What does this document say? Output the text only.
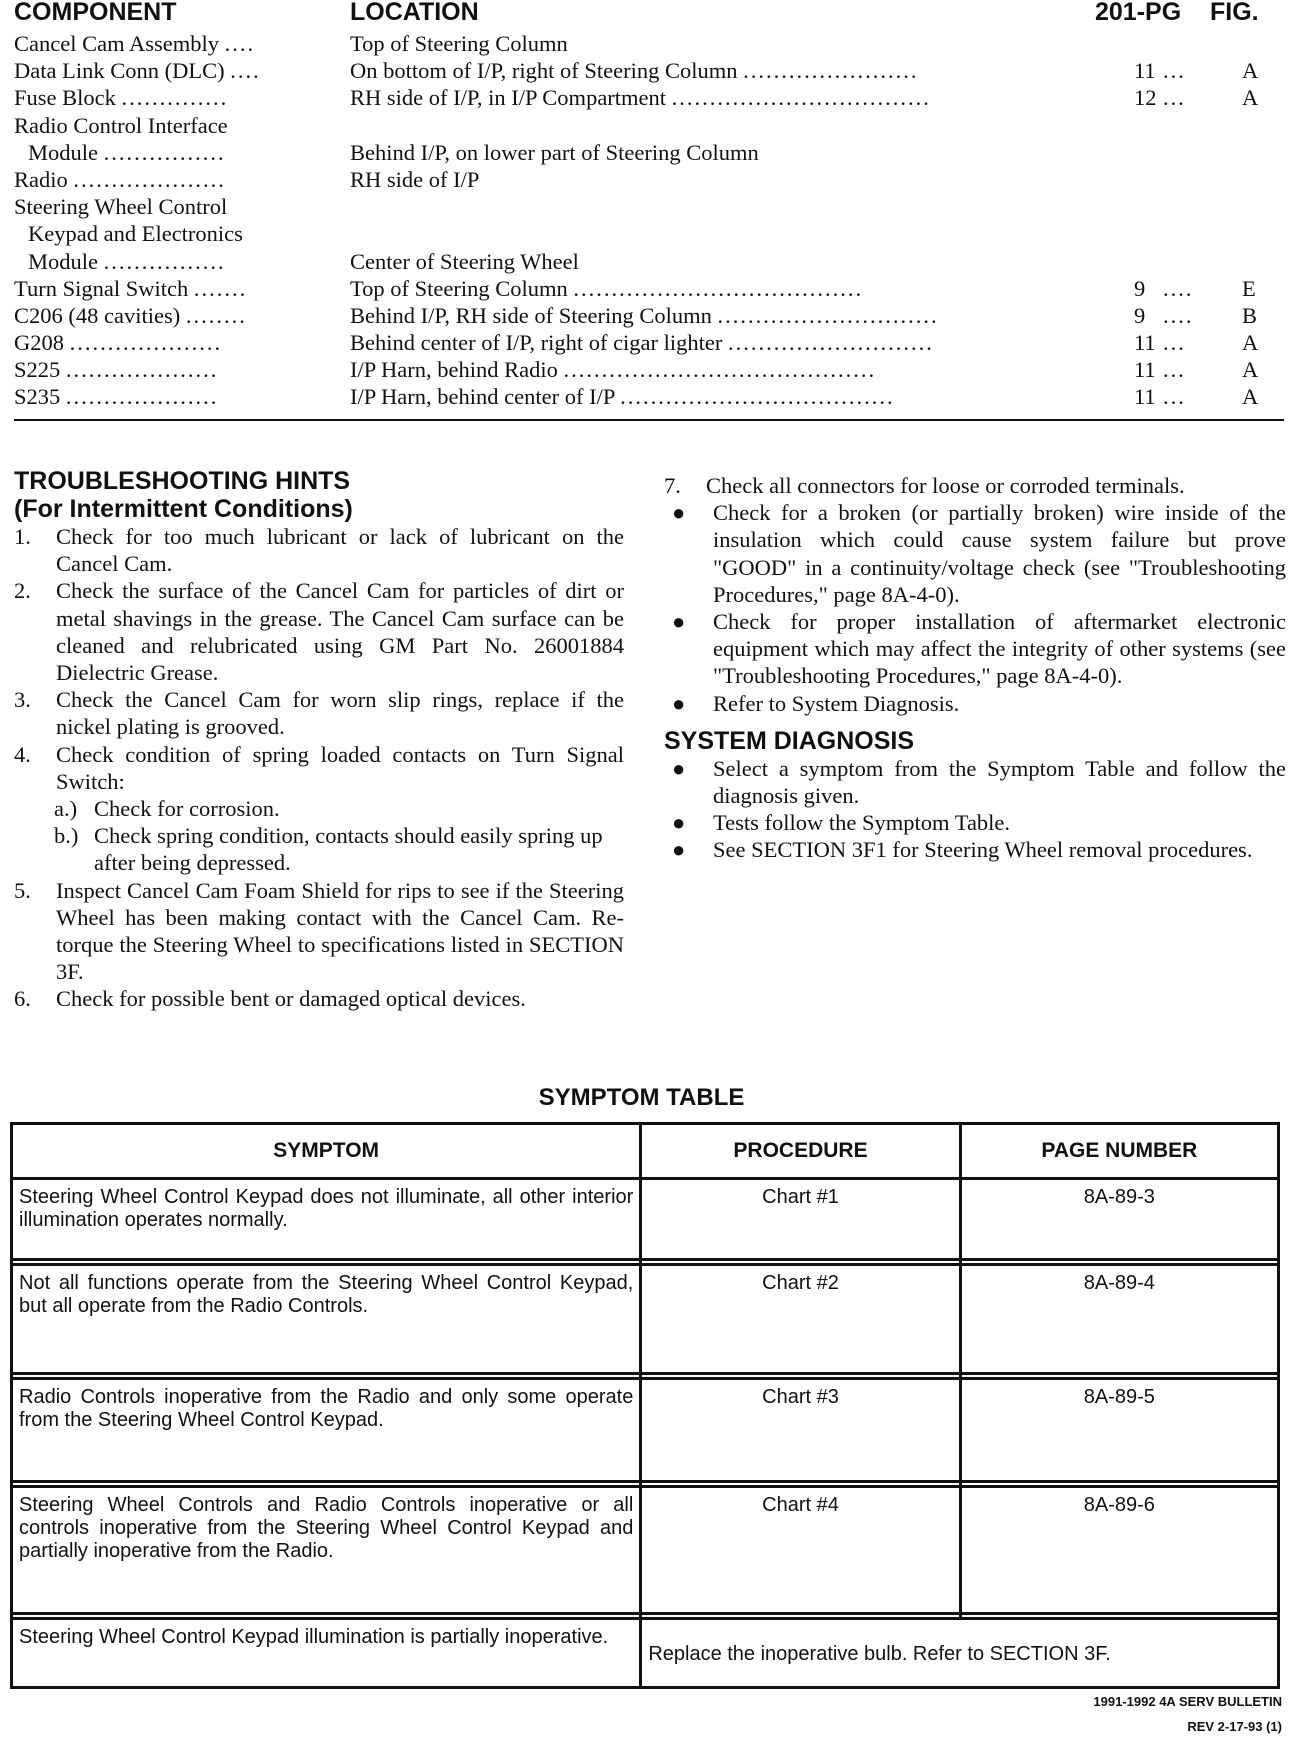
COMPONENT	LOCATION	201-PG FIG.
Cancel Cam Assembly ....	Top of Steering Column
Data Link Conn (DLC) ....	On bottom of I/P, right of Steering Column .......................	11 ...	A
Fuse Block ..............	RH side of I/P, in I/P Compartment ..................................	12 ...	A
Radio Control Interface
Module ................	Behind I/P, on lower part of Steering Column
Radio ....................	RH side of I/P
Steering Wheel Control
Keypad and Electronics
Module ................	Center of Steering Wheel
Turn Signal Switch .......	Top of Steering Column ......................................	9 ....	E
C206 (48 cavities) ........	Behind I/P, RH side of Steering Column .............................	9 ....	B
G208 ....................	Behind center of I/P, right of cigar lighter ...........................	11 ...	A
S225 ....................	I/P Harn, behind Radio .........................................	11 ...	A
S235 ....................	I/P Harn, behind center of I/P ....................................	11 ...	A

TROUBLESHOOTING HINTS

(For Intermittent Conditions)

1. Check for too much lubricant or lack of lubricant on the Cancel Cam.
2. Check the surface of the Cancel Cam for particles of dirt or metal shavings in the grease. The Cancel Cam surface can be cleaned and relubricated using GM Part No. 26001884 Dielectric Grease.
3. Check the Cancel Cam for worn slip rings, replace if the nickel plating is grooved.
4. Check condition of spring loaded contacts on Turn Signal Switch:
a.) Check for corrosion.
b.) Check spring condition, contacts should easily spring up after being depressed.
5. Inspect Cancel Cam Foam Shield for rips to see if the Steering Wheel has been making contact with the Cancel Cam. Re-torque the Steering Wheel to specifications listed in SECTION 3F.
6. Check for possible bent or damaged optical devices.
7. Check all connectors for loose or corroded terminals.
● Check for a broken (or partially broken) wire inside of the insulation which could cause system failure but prove "GOOD" in a continuity/voltage check (see "Troubleshooting Procedures," page 8A-4-0).
● Check for proper installation of aftermarket electronic equipment which may affect the integrity of other systems (see "Troubleshooting Procedures," page 8A-4-0).
● Refer to System Diagnosis.

SYSTEM DIAGNOSIS

● Select a symptom from the Symptom Table and follow the diagnosis given.
● Tests follow the Symptom Table.
● See SECTION 3F1 for Steering Wheel removal procedures.
SYMPTOM TABLE
SYMPTOM	PROCEDURE	PAGE NUMBER
Steering Wheel Control Keypad does not illuminate, all other interior illumination operates normally.	Chart #1	8A-89-3

Not all functions operate from the Steering Wheel Control Keypad, but all operate from the Radio Controls.	Chart #2	8A-89-4

Radio Controls inoperative from the Radio and only some operate from the Steering Wheel Control Keypad.	Chart #3	8A-89-5

Steering Wheel Controls and Radio Controls inoperative or all controls inoperative from the Steering Wheel Control Keypad and partially inoperative from the Radio.	Chart #4	8A-89-6

Steering Wheel Control Keypad illumination is partially inoperative.	Replace the inoperative bulb. Refer to SECTION 3F.	
1991-1992 4A SERV BULLETIN
REV 2-17-93 (1)
